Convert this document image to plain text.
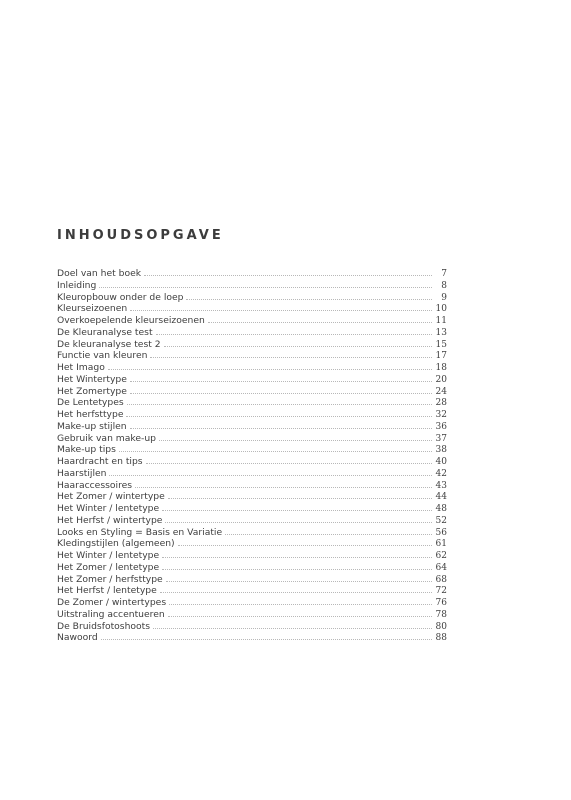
INHOUDSOPGAVE
Doel van het boek	7
Inleiding	8
Kleuropbouw onder de loep	9
Kleurseizoenen	10
Overkoepelende kleurseizoenen	11
De Kleuranalyse test	13
De kleuranalyse test 2	15
Functie van kleuren	17
Het Imago	18
Het Wintertype	20
Het Zomertype	24
De Lentetypes	28
Het herfsttype	32
Make-up stijlen	36
Gebruik van make-up	37
Make-up tips	38
Haardracht en tips	40
Haarstijlen	42
Haaraccessoires	43
Het Zomer / wintertype	44
Het Winter / lentetype	48
Het Herfst / wintertype	52
Looks en Styling = Basis en Variatie	56
Kledingstijlen (algemeen)	61
Het Winter / lentetype	62
Het Zomer / lentetype	64
Het Zomer / herfsttype	68
Het Herfst / lentetype	72
De Zomer / wintertypes	76
Uitstraling accentueren	78
De Bruidsfotoshoots	80
Nawoord	88
